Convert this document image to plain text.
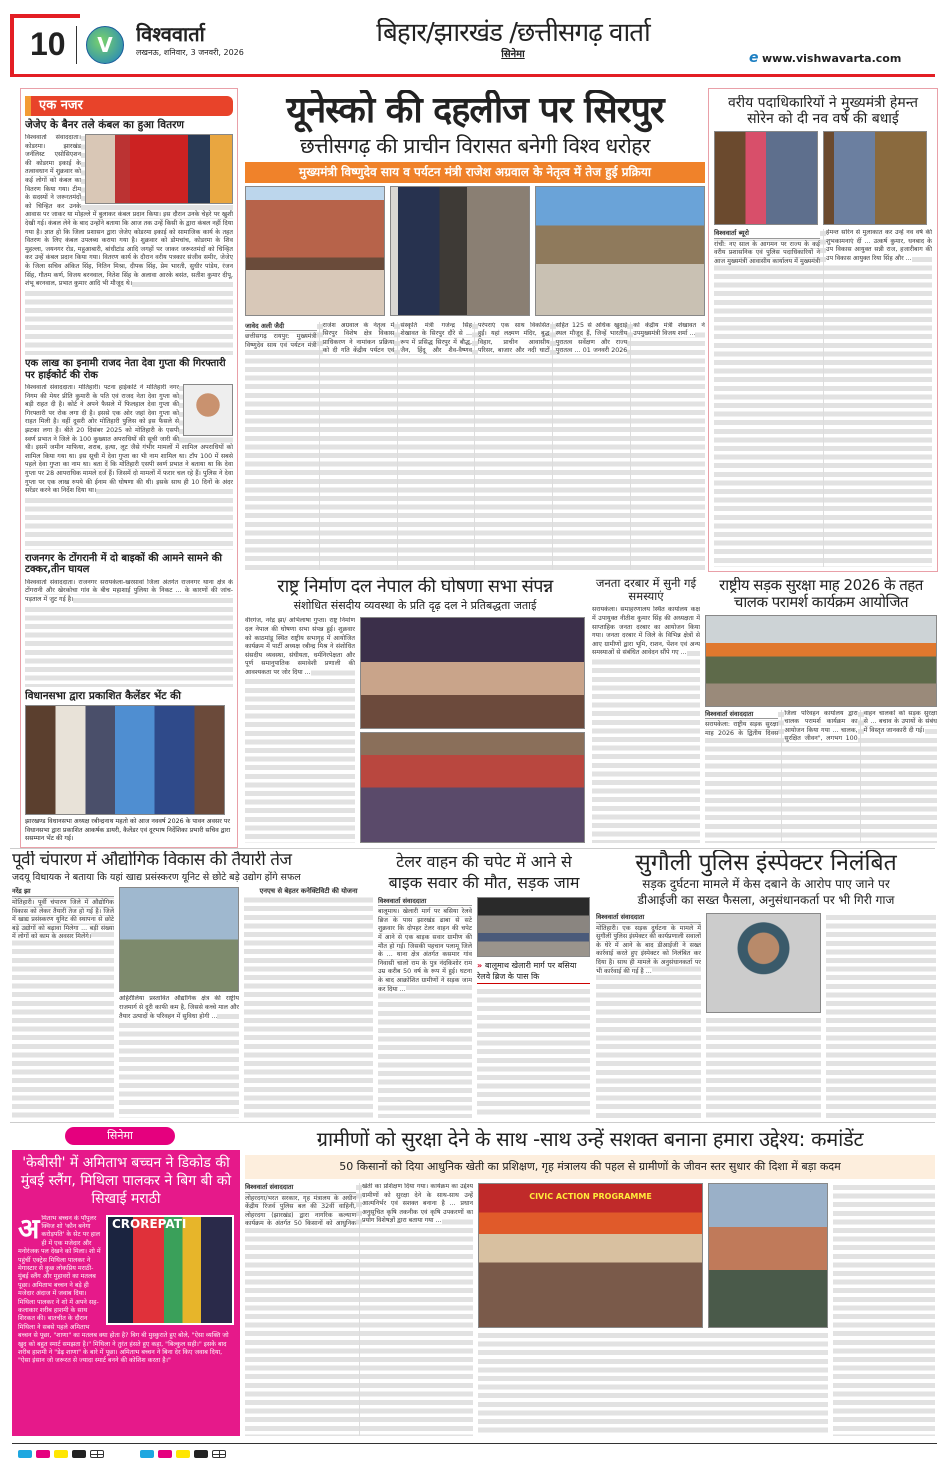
10	V	विश्ववार्ता
लखनऊ, शनिवार, 3 जनवरी, 2026
बिहार/झारखंड /छत्तीसगढ़ वार्ता
सिनेमा	e www.vishwavarta.com
एक नजर
जेजेए के बैनर तले कंबल का हुआ वितरण

विश्ववार्ता संवाददाता। कोडरमा। झारखंड जर्नलिस्ट एसोसिएशन की कोडरमा इकाई के तत्वावधान में शुक्रवार को कई लोगों को कंबल का वितरण किया गया। टीम के सदस्यों ने जरूरतमंदों को चिन्हित कर उनके आवास पर जाकर या मोहल्ले में बुलाकर कंबल प्रदान किया। इस दौरान उनके चेहरे पर खुशी देखी गई। कंबल लेने के बाद उन्होंने बताया कि आज तक उन्हें किसी के द्वारा कंबल नहीं दिया गया है। ज्ञात हो कि जिला प्रशासन द्वारा जेजेए कोडरमा इकाई को सामाजिक कार्य के तहत वितरण के लिए कंबल उपलब्ध कराया गया है। शुक्रवार को डोमचांच, कोडरमा के शिव मुहल्ला, जयनगर रोड, महुआबारी, बांधीटांड आदि जगहों पर जाकर जरूरतमंदों को चिन्हित कर उन्हें कंबल प्रदान किया गया। वितरण कार्य के दौरान वरीय पत्रकार संजीव समीर, जेजेए के जिला सचिव अंकित सिंह, नितिन मिश्रा, दीपक सिंह, प्रेम भारती, सुधीर पांडेय, रंजन सिंह, गौतम कर्ण, विजय बरनवाल, नितेश सिंह के अलावा आरके बसंत, सतीश कुमार दीपू, शंभू बरनवाल, प्रभात कुमार आदि भी मौजूद थे।

एक लाख का इनामी राजद नेता देवा गुप्ता की गिरफ्तारी पर हाईकोर्ट की रोक

विश्ववार्ता संवाददाता। मोतिहारी। पटना हाईकोर्ट ने मोतिहारी नगर निगम की मेयर प्रीति कुमारी के पति एवं राजद नेता देवा गुप्ता को बड़ी राहत दी है। कोर्ट ने अपने फैसले में फिलहाल देवा गुप्ता की गिरफ्तारी पर रोक लगा दी है। इससे एक ओर जहां देवा गुप्ता को राहत मिली है। वहीं दूसरी ओर मोतिहारी पुलिस को इस फैसले से झटका लगा है। बीते 20 दिसंबर 2025 को मोतिहारी के एसपी स्वर्ण प्रभात ने जिले के 100 कुख्यात अपराधियों की सूची जारी की थी। इसमें जमीन माफिया, शराब, हत्या, लूट जैसे गंभीर मामलों में शामिल अपराधियों को शामिल किया गया था। इस सूची में देवा गुप्ता का भी नाम शामिल था। टॉप 100 में सबसे पहले देवा गुप्ता का नाम था। बता दें कि मोतिहारी एसपी स्वर्ण प्रभात ने बताया था कि देवा गुप्ता पर 28 आपराधिक मामले दर्ज हैं। जिसमें दो मामलों में फरार चल रहे हैं। पुलिस ने देवा गुप्ता पर एक लाख रुपये की ईनाम की घोषणा की थी। इसके साथ ही 10 दिनों के अंदर सरेंडर करने का निर्देश दिया था।

राजनगर के टोंगरानी में दो बाइकों की आमने सामने की टक्कर,तीन घायल

विश्ववार्ता संवाददाता। राजनगर सरायकेला-खरसावां जिला अंतर्गत राजनगर थाना क्षेत्र के टोंगरानी और खेरकोचा गांव के बीच महाशाई पुलिया के निकट ... के कारणों की जांच-पड़ताल में जुट गई है।

विधानसभा द्वारा प्रकाशित कैलेंडर भेंट की
झारखण्ड विधानसभा अध्यक्ष रबीन्द्रनाथ महतो को आज नववर्ष 2026 के पावन अवसर पर विधानसभा द्वारा प्रकाशित आकर्षक डायरी, कैलेंडर एवं दूरभाष निर्देशिका प्रभारी सचिव द्वारा ससम्मान भेंट की गई।
यूनेस्को की दहलीज पर सिरपुर
छत्तीसगढ़ की प्राचीन विरासत बनेगी विश्व धरोहर
मुख्यमंत्री विष्णुदेव साय व पर्यटन मंत्री राजेश अग्रवाल के नेतृत्व में तेज हुई प्रक्रिया
जावेद अली जैदी

छत्तीसगढ़ रायपुर: मुख्यमंत्री विष्णुदेव साय एवं पर्यटन मंत्री राजेश अग्रवाल के नेतृत्व में सिरपुर विशेष क्षेत्र विकास प्राधिकरण ने नामांकन प्रक्रिया को दी गति केंद्रीय पर्यटन एवं संस्कृति मंत्री गजेन्द्र सिंह शेखावत के सिरपुर दौरे से ... रूप में प्रसिद्ध सिरपुर में बौद्ध, जैन, हिंदू और शैव-वैष्णव परंपराएं एक साथ विकसित हुईं। यहां लक्ष्मण मंदिर, बुद्ध विहार, प्राचीन आवासीय परिसर, बाजार और नदी घाटों सहित 125 से अधिक खुदाई स्थल मौजूद हैं, जिन्हें भारतीय पुरातत्व सर्वेक्षण और राज्य पुरातत्व ... 01 जनवरी 2026 को केंद्रीय मंत्री शेखावत ने उपमुख्यमंत्री विजय शर्मा ...

वरीय पदाधिकारियों ने मुख्यमंत्री हेमन्त सोरेन को दी नव वर्ष की बधाई
विश्ववार्ता ब्यूरो

रांची: नए साल के आगमन पर राज्य के कई वरीय प्रशासनिक एवं पुलिस पदाधिकारियों ने आज मुख्यमंत्री आवासीय कार्यालय में मुख्यमंत्री हेमन्त सोरेन से मुलाकात कर उन्हें नव वर्ष की शुभकामनाएं दीं ... उत्कर्ष कुमार, धनबाद के उप विकास आयुक्त सन्नी राज, हजारीबाग की उप विकास आयुक्त रिया सिंह और ...

राष्ट्र निर्माण दल नेपाल की घोषणा सभा संपन्न
संशोधित संसदीय व्यवस्था के प्रति दृढ़ दल ने प्रतिबद्धता जताई

वीरगंज, नरेंद्र झा/ अभिलाषा गुप्ता। राष्ट्र निर्माण दल नेपाल की घोषणा सभा संपन्न हुई। शुक्रवार को काठमांडू स्थित राष्ट्रीय सभागृह में आयोजित कार्यक्रम में पार्टी अध्यक्ष रबीन्द्र मिश्र ने संशोधित संसदीय व्यवस्था, संघीयता, धर्मनिरपेक्षता और पूर्ण समानुपातिक समावेशी प्रणाली की आवश्यकता पर जोर दिया ...

जनता दरबार में सुनी गई समस्याएं

सरायकेला। समाहरणालय स्थित कार्यालय कक्ष में उपायुक्त नीतीश कुमार सिंह की अध्यक्षता में साप्ताहिक जनता दरबार का आयोजन किया गया। जनता दरबार में जिले के विभिन्न क्षेत्रों से आए ग्रामीणों द्वारा भूमि, राशन, पेंशन एवं अन्य समस्याओं से संबंधित आवेदन सौंपे गए ...

राष्ट्रीय सड़क सुरक्षा माह 2026 के तहत चालक परामर्श कार्यक्रम आयोजित
विश्ववार्ता संवाददाता

सरायकेला: राष्ट्रीय सड़क सुरक्षा माह 2026 के द्वितीय दिवस जिला परिवहन कार्यालय द्वारा चालक परामर्श कार्यक्रम का आयोजन किया गया ... चालक, सुरक्षित जीवन", लगभग 100 वाहन चालकों को सड़क सुरक्षा से ... बचाव के उपायों के संबंध में विस्तृत जानकारी दी गई।

पूर्वी चंपारण में औद्योगिक विकास की तैयारी तेज
जदयू विधायक ने बताया कि यहां खाद्य प्रसंस्करण यूनिट से छोटे बड़े उद्योग होंगे सफल
नरेंद्र झा

मोतिहारी। पूर्वी चंपारण जिले में औद्योगिक विकास को लेकर तैयारी तेज हो गई है। जिले में खाद्य प्रसंस्करण यूनिट की स्थापना से छोटे बड़े उद्योगों को बढ़ावा मिलेगा ... बड़ी संख्या में लोगों को काम के अवसर मिलेंगे।

अहिरौलिया प्रस्तावित औद्योगिक क्षेत्र की राष्ट्रीय राजमार्ग से दूरी काफी कम है, जिससे कच्चे माल और तैयार उत्पादों के परिवहन में सुविधा होगी ...

एनएच से बेहतर कनेक्टिविटी की योजना
टेलर वाहन की चपेट में आने से बाइक सवार की मौत, सड़क जाम
विश्ववार्ता संवाददाता

बालूमाथ। खेलारी मार्ग पर बसिया रेलवे ब्रिज के पास झारखंड ढाबा से सटे शुक्रवार कि दोपहर टेलर वाहन की चपेट में आने से एक बाइक सवार ग्रामीण की मौत हो गई। जिसकी पहचान पलामू जिले के ... थाना क्षेत्र अंतर्गत कसमार गांव निवासी चालो राम के पुत्र नंदकिशोर राम उम्र करीब 50 वर्ष के रूप में हुई। घटना के बाद आक्रोशित ग्रामीणों ने सड़क जाम कर दिया ...

» बालूमाथ खेलारी मार्ग पर बसिया रेलवे ब्रिज के पास कि
सुगौली पुलिस इंस्पेक्टर निलंबित
सड़क दुर्घटना मामले में केस दबाने के आरोप पाए जाने पर
डीआईजी का सख्त फैसला, अनुसंधानकर्ता पर भी गिरी गाज
विश्ववार्ता संवाददाता

मोतिहारी। एक सड़क दुर्घटना के मामले में सुगौली पुलिस इंस्पेक्टर की कार्यप्रणाली सवालों के घेरे में आने के बाद डीआईजी ने सख्त कार्रवाई करते हुए इंस्पेक्टर को निलंबित कर दिया है। साथ ही मामले के अनुसंधानकर्ता पर भी कार्रवाई की गई है ...

सिनेमा
'केबीसी' में अमिताभ बच्चन ने डिकोड की मुंबई स्लैंग, मिथिला पालकर ने बिग बी को सिखाई मराठी
CROREPATI
अ मिताभ बच्चन के पॉपुलर क्विज शो 'कौन बनेगा करोड़पति' के सेट पर हाल ही में एक मजेदार और मनोरंजक पल देखने को मिला। शो में पहुंचीं एक्ट्रेस मिथिला पालकर ने मेगास्टार से कुछ लोकप्रिय मराठी-मुंबई स्लैंग और मुहावरों का मतलब पूछा। अमिताभ बच्चन ने बड़े ही मजेदार अंदाज में जवाब दिया। मिथिला पालकर ने शो में अपने सह-कलाकार शरीब हाशमी के साथ शिरकत की। बातचीत के दौरान मिथिला ने सबसे पहले अमिताभ बच्चन से पूछा, "शाणा" का मतलब क्या होता है? बिग बी मुस्कुराते हुए बोले, "ऐसा व्यक्ति जो खुद को बहुत स्मार्ट समझता है।" मिथिला ने तुरंत हंसते हुए कहा, "बिल्कुल सही।" इसके बाद शरीब हाशमी ने "डेढ़ शाणा" के बारे में पूछा। अमिताभ बच्चन ने बिना देर किए जवाब दिया, "ऐसा इंसान जो जरूरत से ज्यादा स्मार्ट बनने की कोशिश करता है।"
ग्रामीणों को सुरक्षा देने के साथ -साथ उन्हें सशक्त बनाना हमारा उद्देश्य: कमांडेंट
50 किसानों को दिया आधुनिक खेती का प्रशिक्षण, गृह मंत्रालय की पहल से ग्रामीणों के जीवन स्तर सुधार की दिशा में बड़ा कदम
विश्ववार्ता संवाददाता

लोहरदगा/भरत सरकार, गृह मंत्रालय के अधीन केंद्रीय रिजर्व पुलिस बल की 32वीं वाहिनी, लोहरदगा (झारखंड) द्वारा नागरिक कल्याण कार्यक्रम के अंतर्गत 50 किसानों को आधुनिक खेती का प्रशिक्षण दिया गया। कार्यक्रम का उद्देश्य ग्रामीणों को सुरक्षा देने के साथ-साथ उन्हें आत्मनिर्भर एवं सशक्त बनाना है ... प्रधान अनुसूचित कृषि तकनीक एवं कृषि उपकरणों का प्रयोग विशेषज्ञों द्वारा बताया गया ...

CIVIC ACTION PROGRAMME
